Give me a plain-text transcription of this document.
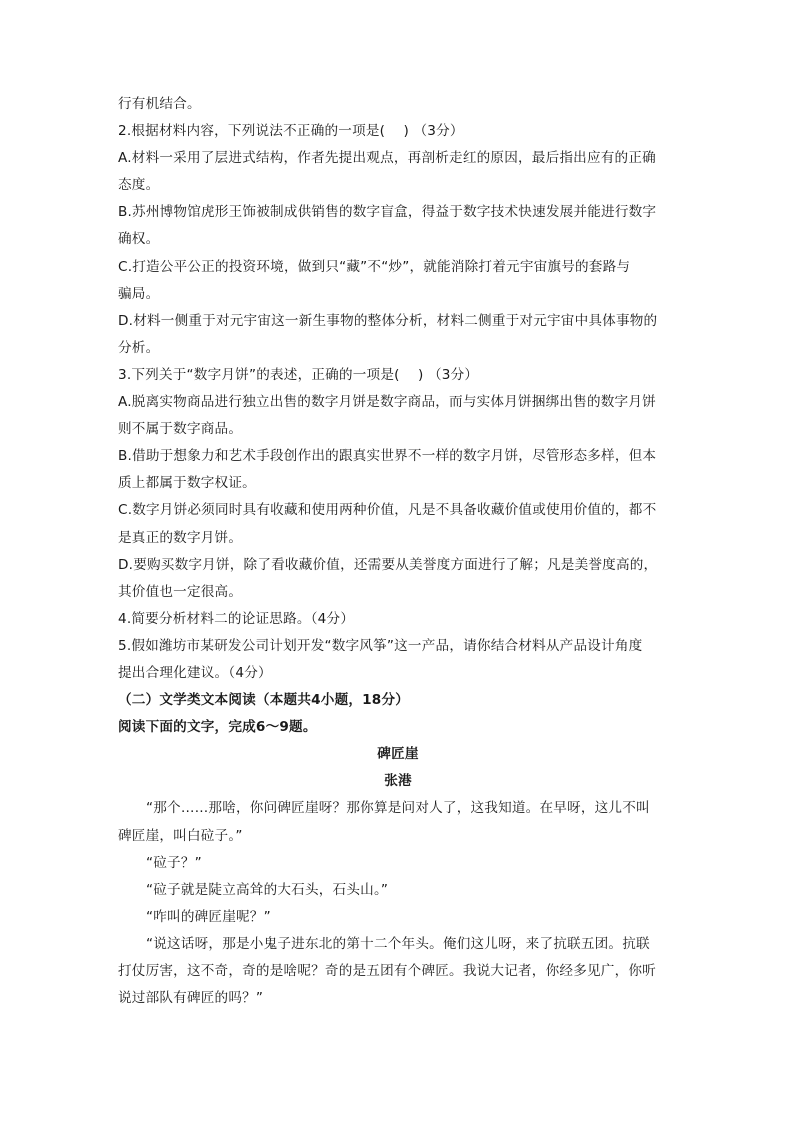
行有机结合。
2.根据材料内容，下列说法不正确的一项是(　 ) （3分）
A.材料一采用了层进式结构，作者先提出观点，再剖析走红的原因，最后指出应有的正确
态度。
B.苏州博物馆虎形王饰被制成供销售的数字盲盒，得益于数字技术快速发展并能进行数字
确权。
C.打造公平公正的投资环境，做到只“藏”不“炒”，就能消除打着元宇宙旗号的套路与
骗局。
D.材料一侧重于对元宇宙这一新生事物的整体分析，材料二侧重于对元宇宙中具体事物的
分析。
3.下列关于“数字月饼”的表述，正确的一项是(　 ) （3分）
A.脱离实物商品进行独立出售的数字月饼是数字商品，而与实体月饼捆绑出售的数字月饼
则不属于数字商品。
B.借助于想象力和艺术手段创作出的跟真实世界不一样的数字月饼，尽管形态多样，但本
质上都属于数字权证。
C.数字月饼必须同时具有收藏和使用两种价值，凡是不具备收藏价值或使用价值的，都不
是真正的数字月饼。
D.要购买数字月饼，除了看收藏价值，还需要从美誉度方面进行了解；凡是美誉度高的，
其价值也一定很高。
4.简要分析材料二的论证思路。（4分）
5.假如潍坊市某研发公司计划开发“数字风筝”这一产品，请你结合材料从产品设计角度
提出合理化建议。（4分）
（二）文学类文本阅读（本题共4小题，18分）
阅读下面的文字，完成6～9题。
碑匠崖
张港
“那个……那啥，你问碑匠崖呀？那你算是问对人了，这我知道。在早呀，这儿不叫
碑匠崖，叫白砬子。”
“砬子？”
“砬子就是陡立高耸的大石头，石头山。”
“咋叫的碑匠崖呢？”
“说这话呀，那是小鬼子进东北的第十二个年头。俺们这儿呀，来了抗联五团。抗联
打仗厉害，这不奇，奇的是啥呢？奇的是五团有个碑匠。我说大记者，你经多见广，你听
说过部队有碑匠的吗？”
